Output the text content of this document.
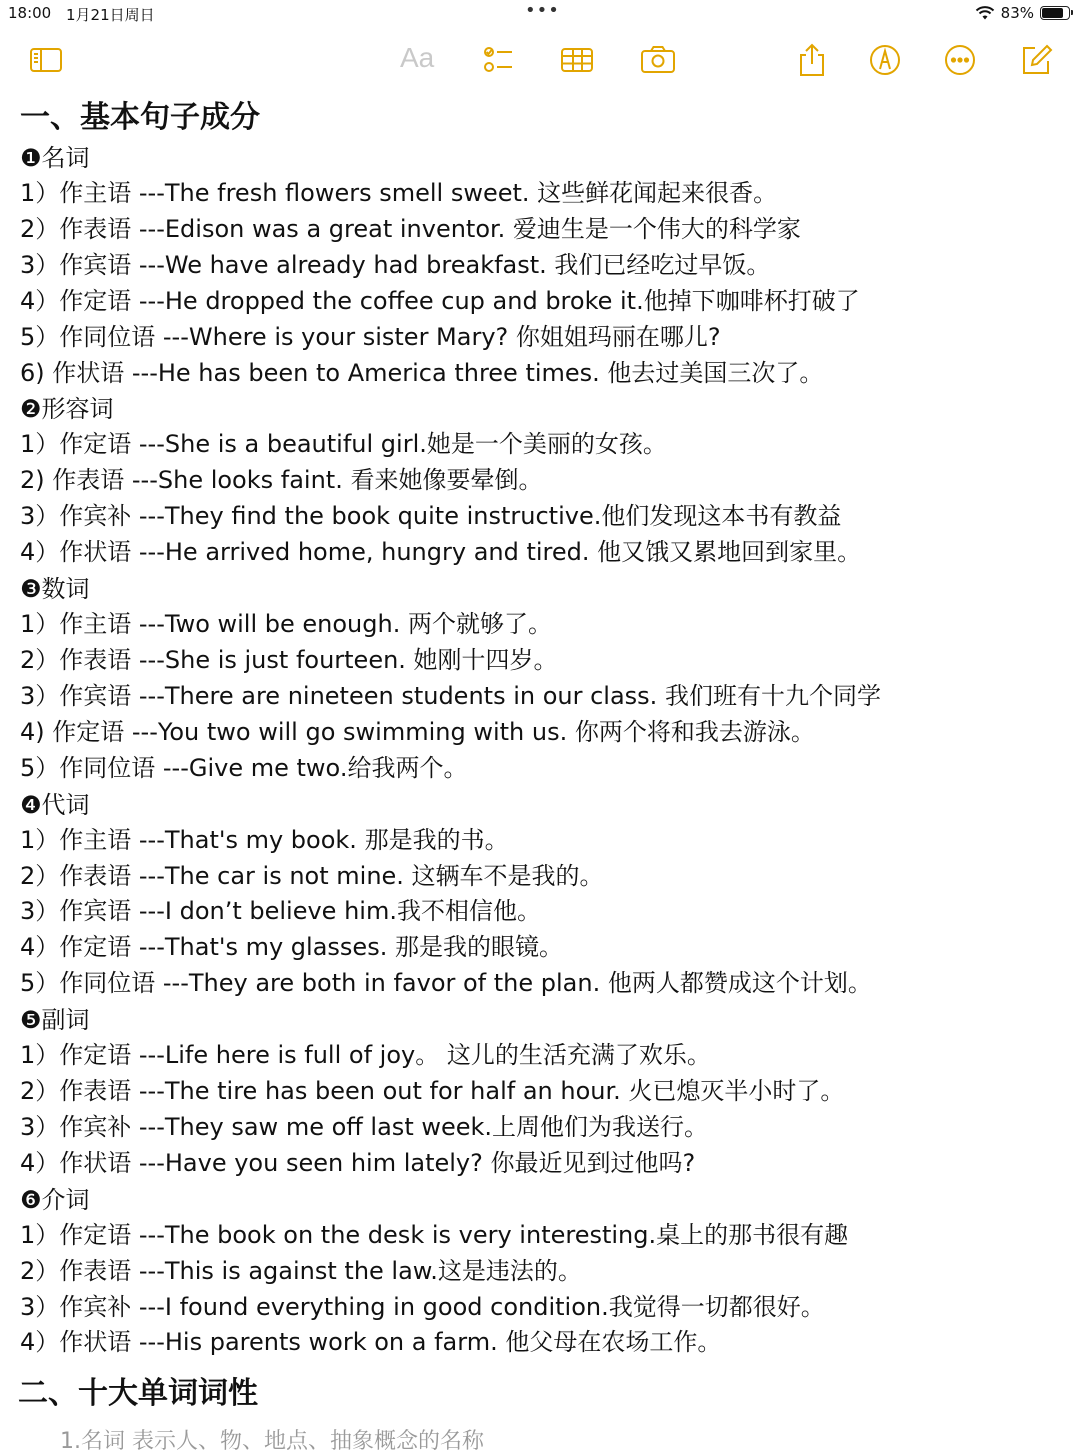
18:00 1月21日周日	•••	83%
Aa
一、基本句子成分
❶名词
1）作主语 ---The fresh flowers smell sweet. 这些鲜花闻起来很香。
2）作表语 ---Edison was a great inventor. 爱迪生是一个伟大的科学家
3）作宾语 ---We have already had breakfast. 我们已经吃过早饭。
4）作定语 ---He dropped the coffee cup and broke it.他掉下咖啡杯打破了
5）作同位语 ---Where is your sister Mary? 你姐姐玛丽在哪儿?
6) 作状语 ---He has been to America three times. 他去过美国三次了。
❷形容词
1）作定语 ---She is a beautiful girl.她是一个美丽的女孩。
2) 作表语 ---She looks faint. 看来她像要晕倒。
3）作宾补 ---They find the book quite instructive.他们发现这本书有教益
4）作状语 ---He arrived home, hungry and tired. 他又饿又累地回到家里。
❸数词
1）作主语 ---Two will be enough. 两个就够了。
2）作表语 ---She is just fourteen. 她刚十四岁。
3）作宾语 ---There are nineteen students in our class. 我们班有十九个同学
4) 作定语 ---You two will go swimming with us. 你两个将和我去游泳。
5）作同位语 ---Give me two.给我两个。
❹代词
1）作主语 ---That's my book. 那是我的书。
2）作表语 ---The car is not mine. 这辆车不是我的。
3）作宾语 ---I don’t believe him.我不相信他。
4）作定语 ---That's my glasses. 那是我的眼镜。
5）作同位语 ---They are both in favor of the plan. 他两人都赞成这个计划。
❺副词
1）作定语 ---Life here is full of joy。 这儿的生活充满了欢乐。
2）作表语 ---The tire has been out for half an hour. 火已熄灭半小时了。
3）作宾补 ---They saw me off last week.上周他们为我送行。
4）作状语 ---Have you seen him lately? 你最近见到过他吗?
❻介词
1）作定语 ---The book on the desk is very interesting.桌上的那书很有趣
2）作表语 ---This is against the law.这是违法的。
3）作宾补 ---I found everything in good condition.我觉得一切都很好。
4）作状语 ---His parents work on a farm. 他父母在农场工作。
二、十大单词词性
1.名词 表示人、物、地点、抽象概念的名称
